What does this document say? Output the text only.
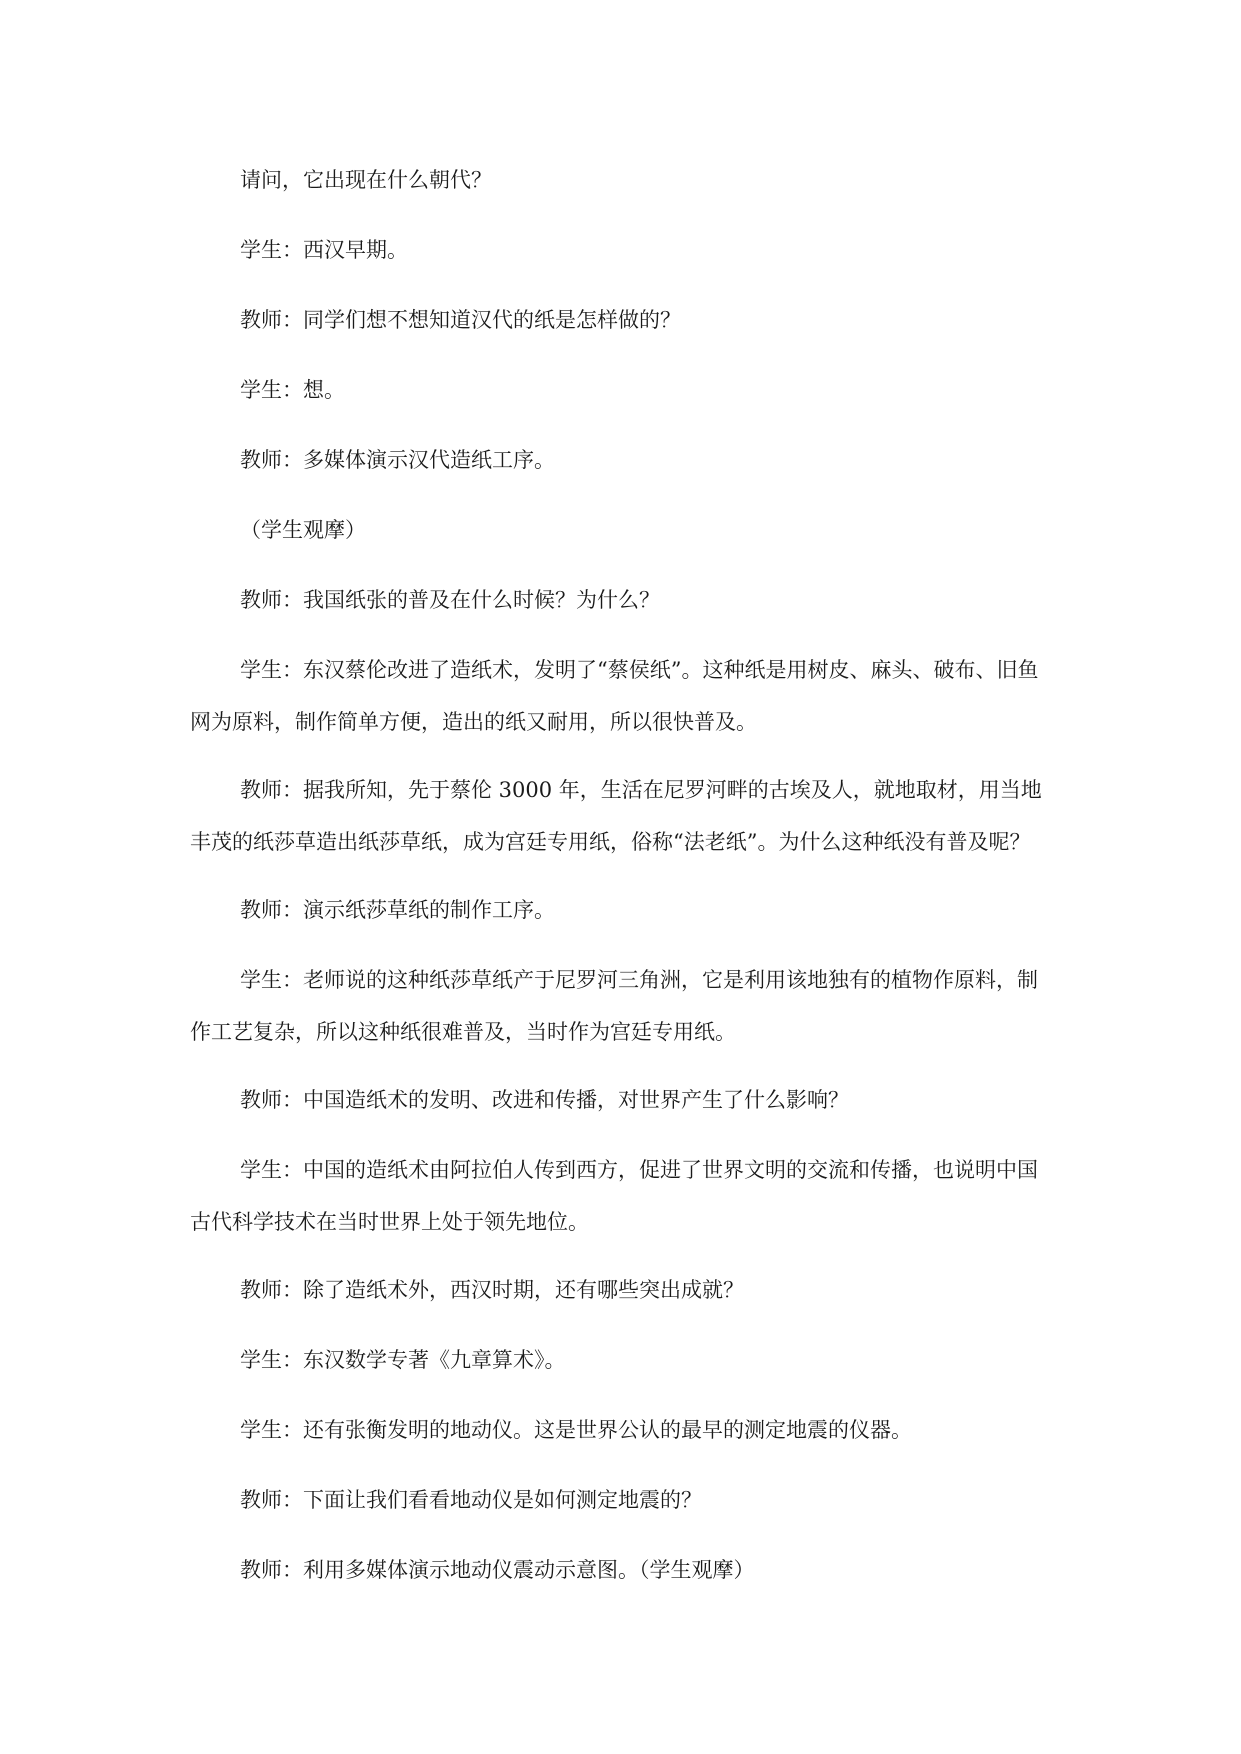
请问，它出现在什么朝代？

学生：西汉早期。

教师：同学们想不想知道汉代的纸是怎样做的？

学生：想。

教师：多媒体演示汉代造纸工序。

（学生观摩）

教师：我国纸张的普及在什么时候？为什么？

学生：东汉蔡伦改进了造纸术，发明了“蔡侯纸”。这种纸是用树皮、麻头、破布、旧鱼网为原料，制作简单方便，造出的纸又耐用，所以很快普及。

教师：据我所知，先于蔡伦 3000 年，生活在尼罗河畔的古埃及人，就地取材，用当地丰茂的纸莎草造出纸莎草纸，成为宫廷专用纸，俗称“法老纸”。为什么这种纸没有普及呢？

教师：演示纸莎草纸的制作工序。

学生：老师说的这种纸莎草纸产于尼罗河三角洲，它是利用该地独有的植物作原料，制作工艺复杂，所以这种纸很难普及，当时作为宫廷专用纸。

教师：中国造纸术的发明、改进和传播，对世界产生了什么影响？

学生：中国的造纸术由阿拉伯人传到西方，促进了世界文明的交流和传播，也说明中国古代科学技术在当时世界上处于领先地位。

教师：除了造纸术外，西汉时期，还有哪些突出成就？

学生：东汉数学专著《九章算术》。

学生：还有张衡发明的地动仪。这是世界公认的最早的测定地震的仪器。

教师：下面让我们看看地动仪是如何测定地震的？

教师：利用多媒体演示地动仪震动示意图。（学生观摩）
